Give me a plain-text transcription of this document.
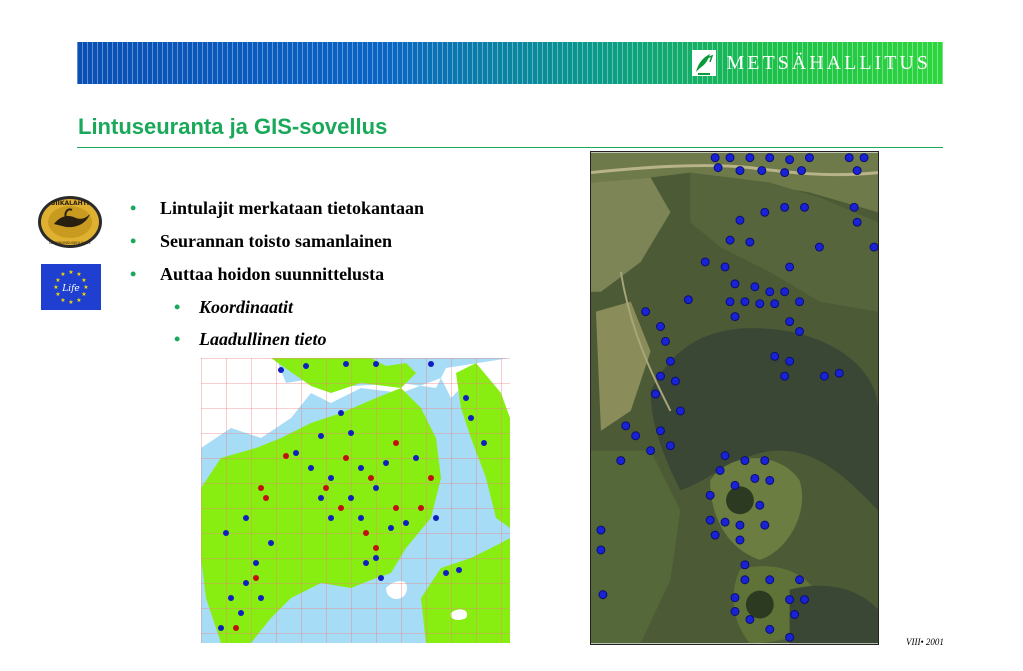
METSÄHALLITUS
Lintuseuranta ja GIS-sovellus
SIIKALAHTI
LUONNONSUOJELUALUE
★ ★
★
★
★
★
★
★
★
★
★
★
Life
• Lintulajit merkataan tietokantaan
• Seurannan toisto samanlainen
• Auttaa hoidon suunnittelusta
• Koordinaatit
• Laadullinen tieto
VIII• 2001
